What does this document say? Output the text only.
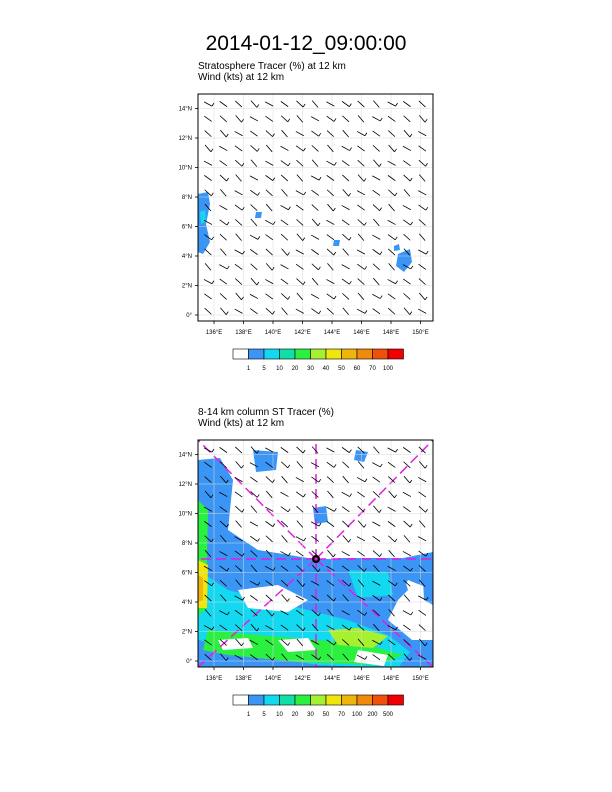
2014-01-12_09:00:00
Stratosphere Tracer (%) at 12 km
Wind (kts) at 12 km
136°E 138°E 140°E 142°E 144°E 146°E 148°E 150°E
0°
2°N
4°N
6°N
8°N
10°N
12°N
14°N
1 5 10 20 30 40 50 60 70 100
8-14 km column ST Tracer (%)
Wind (kts) at 12 km
136°E 138°E 140°E 142°E 144°E 146°E 148°E 150°E
0°
2°N
4°N
6°N
8°N
10°N
12°N
14°N
1 5 10 20 30 50 70 100 200 500
